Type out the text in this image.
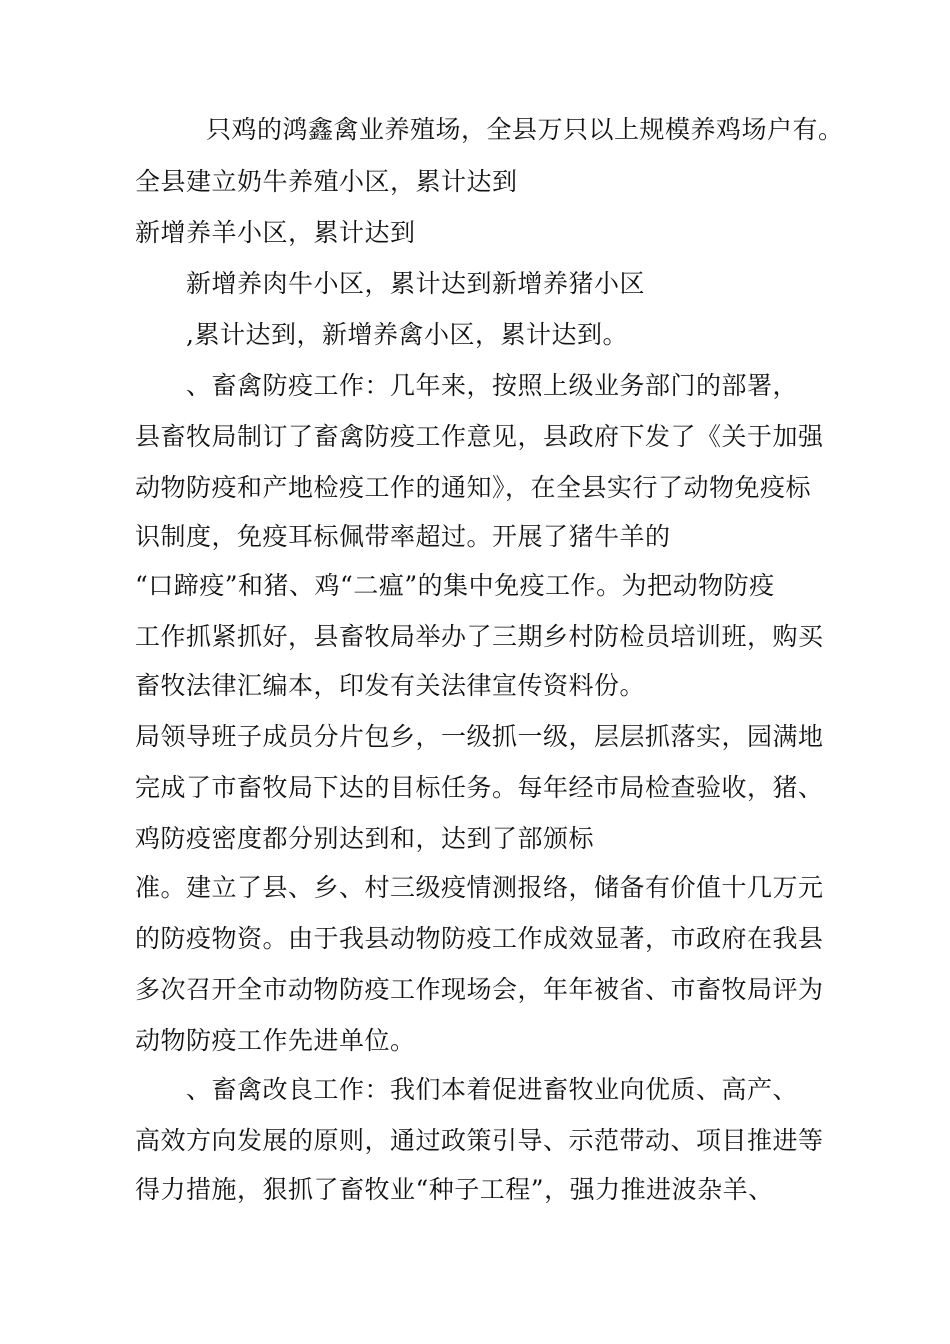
只鸡的鸿鑫禽业养殖场，全县万只以上规模养鸡场户有。
全县建立奶牛养殖小区，累计达到
新增养羊小区，累计达到
新增养肉牛小区，累计达到新增养猪小区
,累计达到，新增养禽小区，累计达到。
、畜禽防疫工作：几年来，按照上级业务部门的部署，
县畜牧局制订了畜禽防疫工作意见，县政府下发了《关于加强
动物防疫和产地检疫工作的通知》，在全县实行了动物免疫标
识制度，免疫耳标佩带率超过。开展了猪牛羊的
“口蹄疫”和猪、鸡“二瘟”的集中免疫工作。为把动物防疫
工作抓紧抓好，县畜牧局举办了三期乡村防检员培训班，购买
畜牧法律汇编本，印发有关法律宣传资料份。
局领导班子成员分片包乡，一级抓一级，层层抓落实，园满地
完成了市畜牧局下达的目标任务。每年经市局检查验收，猪、
鸡防疫密度都分别达到和，达到了部颁标
准。建立了县、乡、村三级疫情测报络，储备有价值十几万元
的防疫物资。由于我县动物防疫工作成效显著，市政府在我县
多次召开全市动物防疫工作现场会，年年被省、市畜牧局评为
动物防疫工作先进单位。
、畜禽改良工作：我们本着促进畜牧业向优质、高产、
高效方向发展的原则，通过政策引导、示范带动、项目推进等
得力措施，狠抓了畜牧业“种子工程”，强力推进波杂羊、
